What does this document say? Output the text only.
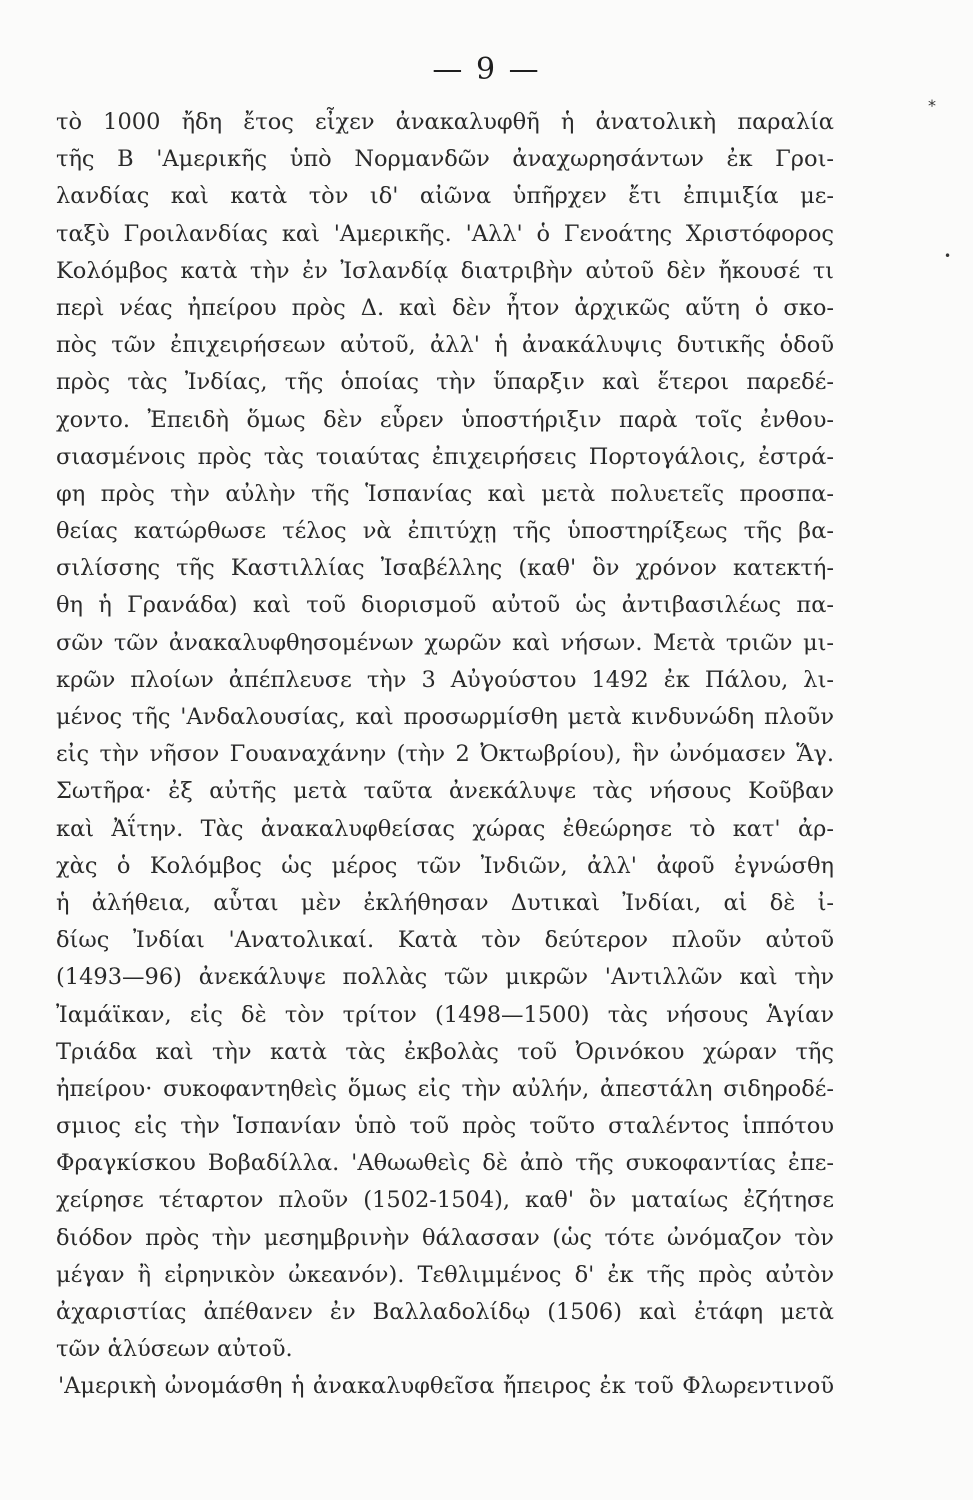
— 9 —
*
•
τὸ 1000 ἤδη ἔτος εἶχεν ἀνακαλυφθῆ ἡ ἀνατολικὴ παραλία
τῆς Β 'Αμερικῆς ὑπὸ Νορμανδῶν ἀναχωρησάντων ἐκ Γροι-
λανδίας καὶ κατὰ τὸν ιδ' αἰῶνα ὑπῆρχεν ἔτι ἐπιμιξία με-
ταξὺ Γροιλανδίας καὶ 'Αμερικῆς. 'Αλλ' ὁ Γενοάτης Χριστόφορος
Κολόμβος κατὰ τὴν ἐν Ἰσλανδίᾳ διατριβὴν αὐτοῦ δὲν ἤκουσέ τι
περὶ νέας ἠπείρου πρὸς Δ. καὶ δὲν ἦτον ἀρχικῶς αὕτη ὁ σκο-
πὸς τῶν ἐπιχειρήσεων αὐτοῦ, ἀλλ' ἡ ἀνακάλυψις δυτικῆς ὁδοῦ
πρὸς τὰς Ἰνδίας, τῆς ὁποίας τὴν ὕπαρξιν καὶ ἕτεροι παρεδέ-
χοντο. Ἐπειδὴ ὅμως δὲν εὗρεν ὑποστήριξιν παρὰ τοῖς ἐνθου-
σιασμένοις πρὸς τὰς τοιαύτας ἐπιχειρήσεις Πορτογάλοις, ἐστρά-
φη πρὸς τὴν αὐλὴν τῆς Ἱσπανίας καὶ μετὰ πολυετεῖς προσπα-
θείας κατώρθωσε τέλος νὰ ἐπιτύχῃ τῆς ὑποστηρίξεως τῆς βα-
σιλίσσης τῆς Καστιλλίας Ἰσαβέλλης (καθ' ὃν χρόνον κατεκτή-
θη ἡ Γρανάδα) καὶ τοῦ διορισμοῦ αὐτοῦ ὡς ἀντιβασιλέως πα-
σῶν τῶν ἀνακαλυφθησομένων χωρῶν καὶ νήσων. Μετὰ τριῶν μι-
κρῶν πλοίων ἀπέπλευσε τὴν 3 Αὐγούστου 1492 ἐκ Πάλου, λι-
μένος τῆς 'Ανδαλουσίας, καὶ προσωρμίσθη μετὰ κινδυνώδη πλοῦν
εἰς τὴν νῆσον Γουαναχάνην (τὴν 2 Ὀκτωβρίου), ἣν ὠνόμασεν Ἅγ.
Σωτῆρα· ἐξ αὐτῆς μετὰ ταῦτα ἀνεκάλυψε τὰς νήσους Κοῦβαν
καὶ Ἀΐτην. Τὰς ἀνακαλυφθείσας χώρας ἐθεώρησε τὸ κατ' ἀρ-
χὰς ὁ Κολόμβος ὡς μέρος τῶν Ἰνδιῶν, ἀλλ' ἀφοῦ ἐγνώσθη
ἡ ἀλήθεια, αὗται μὲν ἐκλήθησαν Δυτικαὶ Ἰνδίαι, αἱ δὲ ἰ-
δίως Ἰνδίαι 'Ανατολικαί. Κατὰ τὸν δεύτερον πλοῦν αὐτοῦ
(1493—96) ἀνεκάλυψε πολλὰς τῶν μικρῶν 'Αντιλλῶν καὶ τὴν
Ἰαμάϊκαν, εἰς δὲ τὸν τρίτον (1498—1500) τὰς νήσους Ἁγίαν
Τριάδα καὶ τὴν κατὰ τὰς ἐκβολὰς τοῦ Ὀρινόκου χώραν τῆς
ἠπείρου· συκοφαντηθεὶς ὅμως εἰς τὴν αὐλήν, ἀπεστάλη σιδηροδέ-
σμιος εἰς τὴν Ἱσπανίαν ὑπὸ τοῦ πρὸς τοῦτο σταλέντος ἱππότου
Φραγκίσκου Βοβαδίλλα. 'Αθωωθεὶς δὲ ἀπὸ τῆς συκοφαντίας ἐπε-
χείρησε τέταρτον πλοῦν (1502-1504), καθ' ὃν ματαίως ἐζήτησε
διόδον πρὸς τὴν μεσημβρινὴν θάλασσαν (ὡς τότε ὠνόμαζον τὸν
μέγαν ἢ εἰρηνικὸν ὠκεανόν). Τεθλιμμένος δ' ἐκ τῆς πρὸς αὐτὸν
ἀχαριστίας ἀπέθανεν ἐν Βαλλαδολίδῳ (1506) καὶ ἐτάφη μετὰ
τῶν ἁλύσεων αὐτοῦ.
'Αμερικὴ ὠνομάσθη ἡ ἀνακαλυφθεῖσα ἤπειρος ἐκ τοῦ Φλωρεντινοῦ
